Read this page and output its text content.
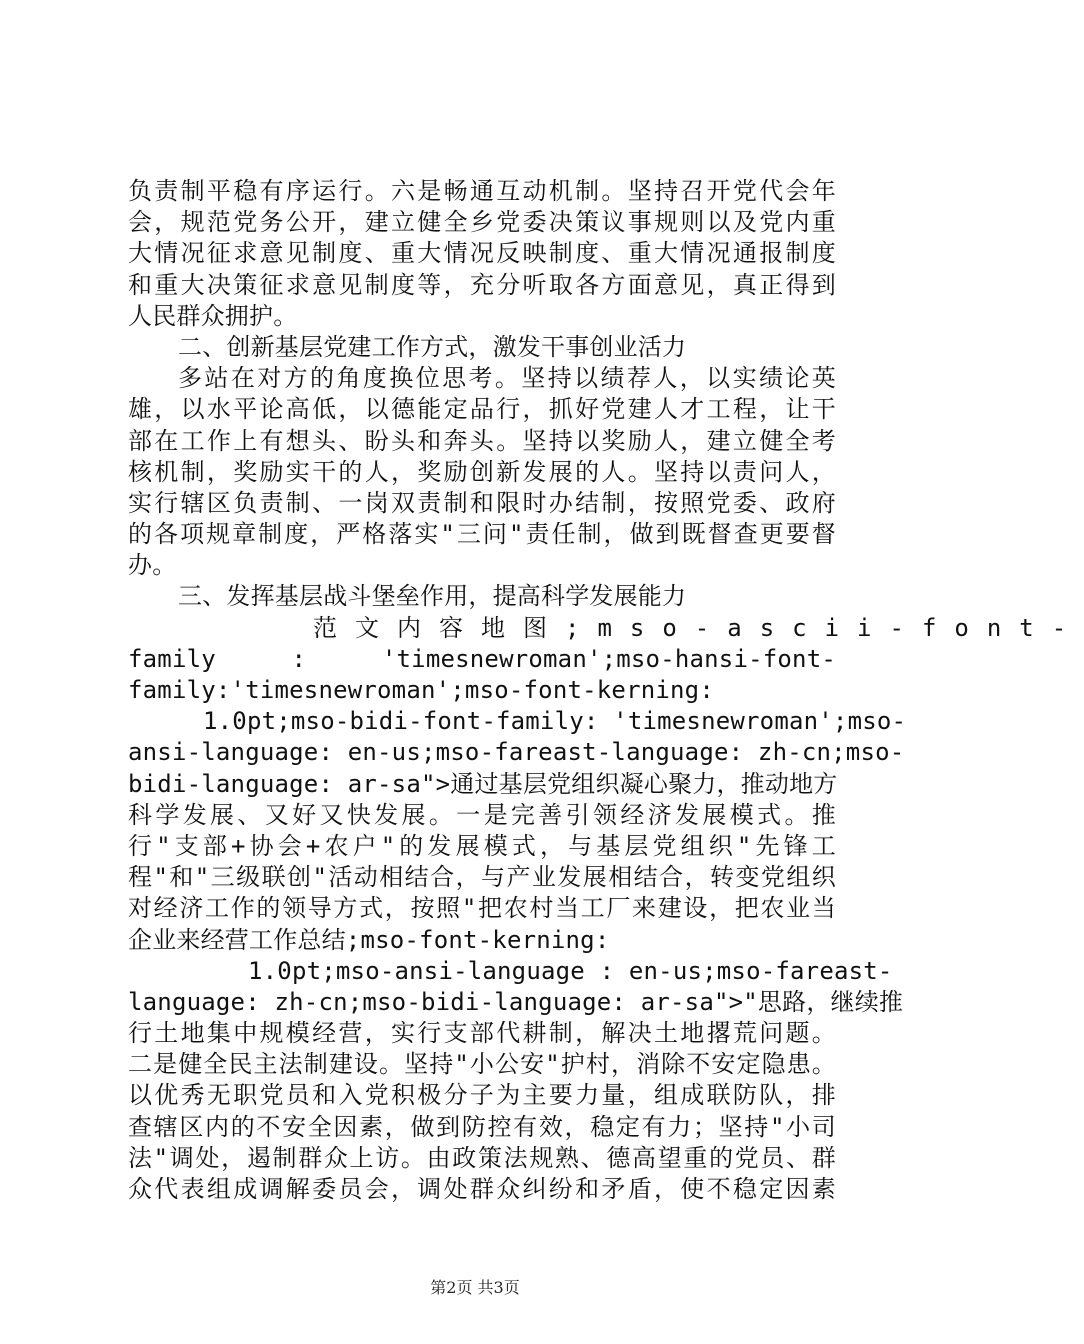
负责制平稳有序运行。六是畅通互动机制。坚持召开党代会年
会，规范党务公开，建立健全乡党委决策议事规则以及党内重
大情况征求意见制度、重大情况反映制度、重大情况通报制度
和重大决策征求意见制度等，充分听取各方面意见，真正得到
人民群众拥护。
二、创新基层党建工作方式，激发干事创业活力
多站在对方的角度换位思考。坚持以绩荐人，以实绩论英
雄，以水平论高低，以德能定品行，抓好党建人才工程，让干
部在工作上有想头、盼头和奔头。坚持以奖励人，建立健全考
核机制，奖励实干的人，奖励创新发展的人。坚持以责问人，
实行辖区负责制、一岗双责制和限时办结制，按照党委、政府
的各项规章制度，严格落实"三问"责任制，做到既督查更要督
办。
三、发挥基层战斗堡垒作用，提高科学发展能力
范文内容地图;mso-ascii-font-
family : 'timesnewroman';mso-hansi-font-
family:'timesnewroman';mso-font-kerning:
1.0pt;mso-bidi-font-family: 'timesnewroman';mso-
ansi-language: en-us;mso-fareast-language: zh-cn;mso-
bidi-language: ar-sa">通过基层党组织凝心聚力，推动地方
科学发展、又好又快发展。一是完善引领经济发展模式。推
行"支部+协会+农户"的发展模式，与基层党组织"先锋工
程"和"三级联创"活动相结合，与产业发展相结合，转变党组织
对经济工作的领导方式，按照"把农村当工厂来建设，把农业当
企业来经营工作总结;mso-font-kerning:
1.0pt;mso-ansi-language : en-us;mso-fareast-
language: zh-cn;mso-bidi-language: ar-sa">"思路，继续推
行土地集中规模经营，实行支部代耕制，解决土地撂荒问题。
二是健全民主法制建设。坚持"小公安"护村，消除不安定隐患。
以优秀无职党员和入党积极分子为主要力量，组成联防队，排
查辖区内的不安全因素，做到防控有效，稳定有力；坚持"小司
法"调处，遏制群众上访。由政策法规熟、德高望重的党员、群
众代表组成调解委员会，调处群众纠纷和矛盾，使不稳定因素
第2页 共3页
